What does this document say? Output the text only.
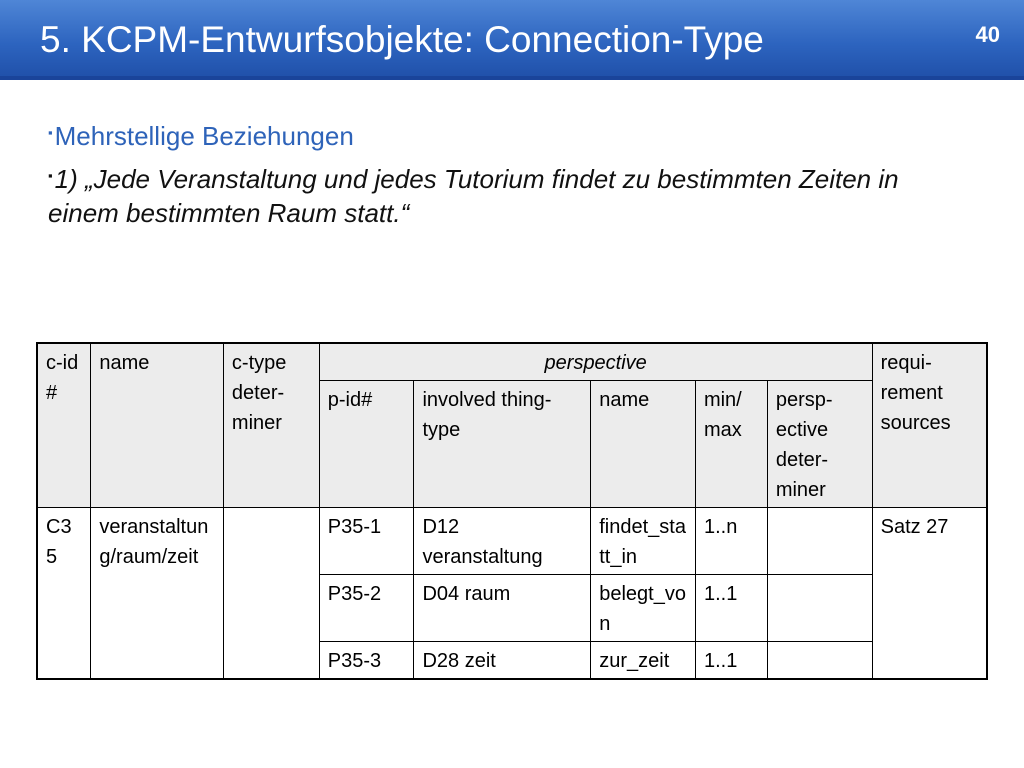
5. KCPM-Entwurfsobjekte: Connection-Type	40
▪Mehrstellige Beziehungen
▪1) „Jede Veranstaltung und jedes Tutorium findet zu bestimmten Zeiten in einem bestimmten Raum statt.“
c-id #	name	c-type deter-miner	perspective					requi-rement sources
			p-id#	involved thing-type	name	min/ max	persp-ective deter-miner	
C35	veranstaltung/raum/zeit		P35-1	D12 veranstaltung	findet_statt_in	1..n		Satz 27
			P35-2	D04 raum	belegt_von	1..1		
			P35-3	D28 zeit	zur_zeit	1..1		
